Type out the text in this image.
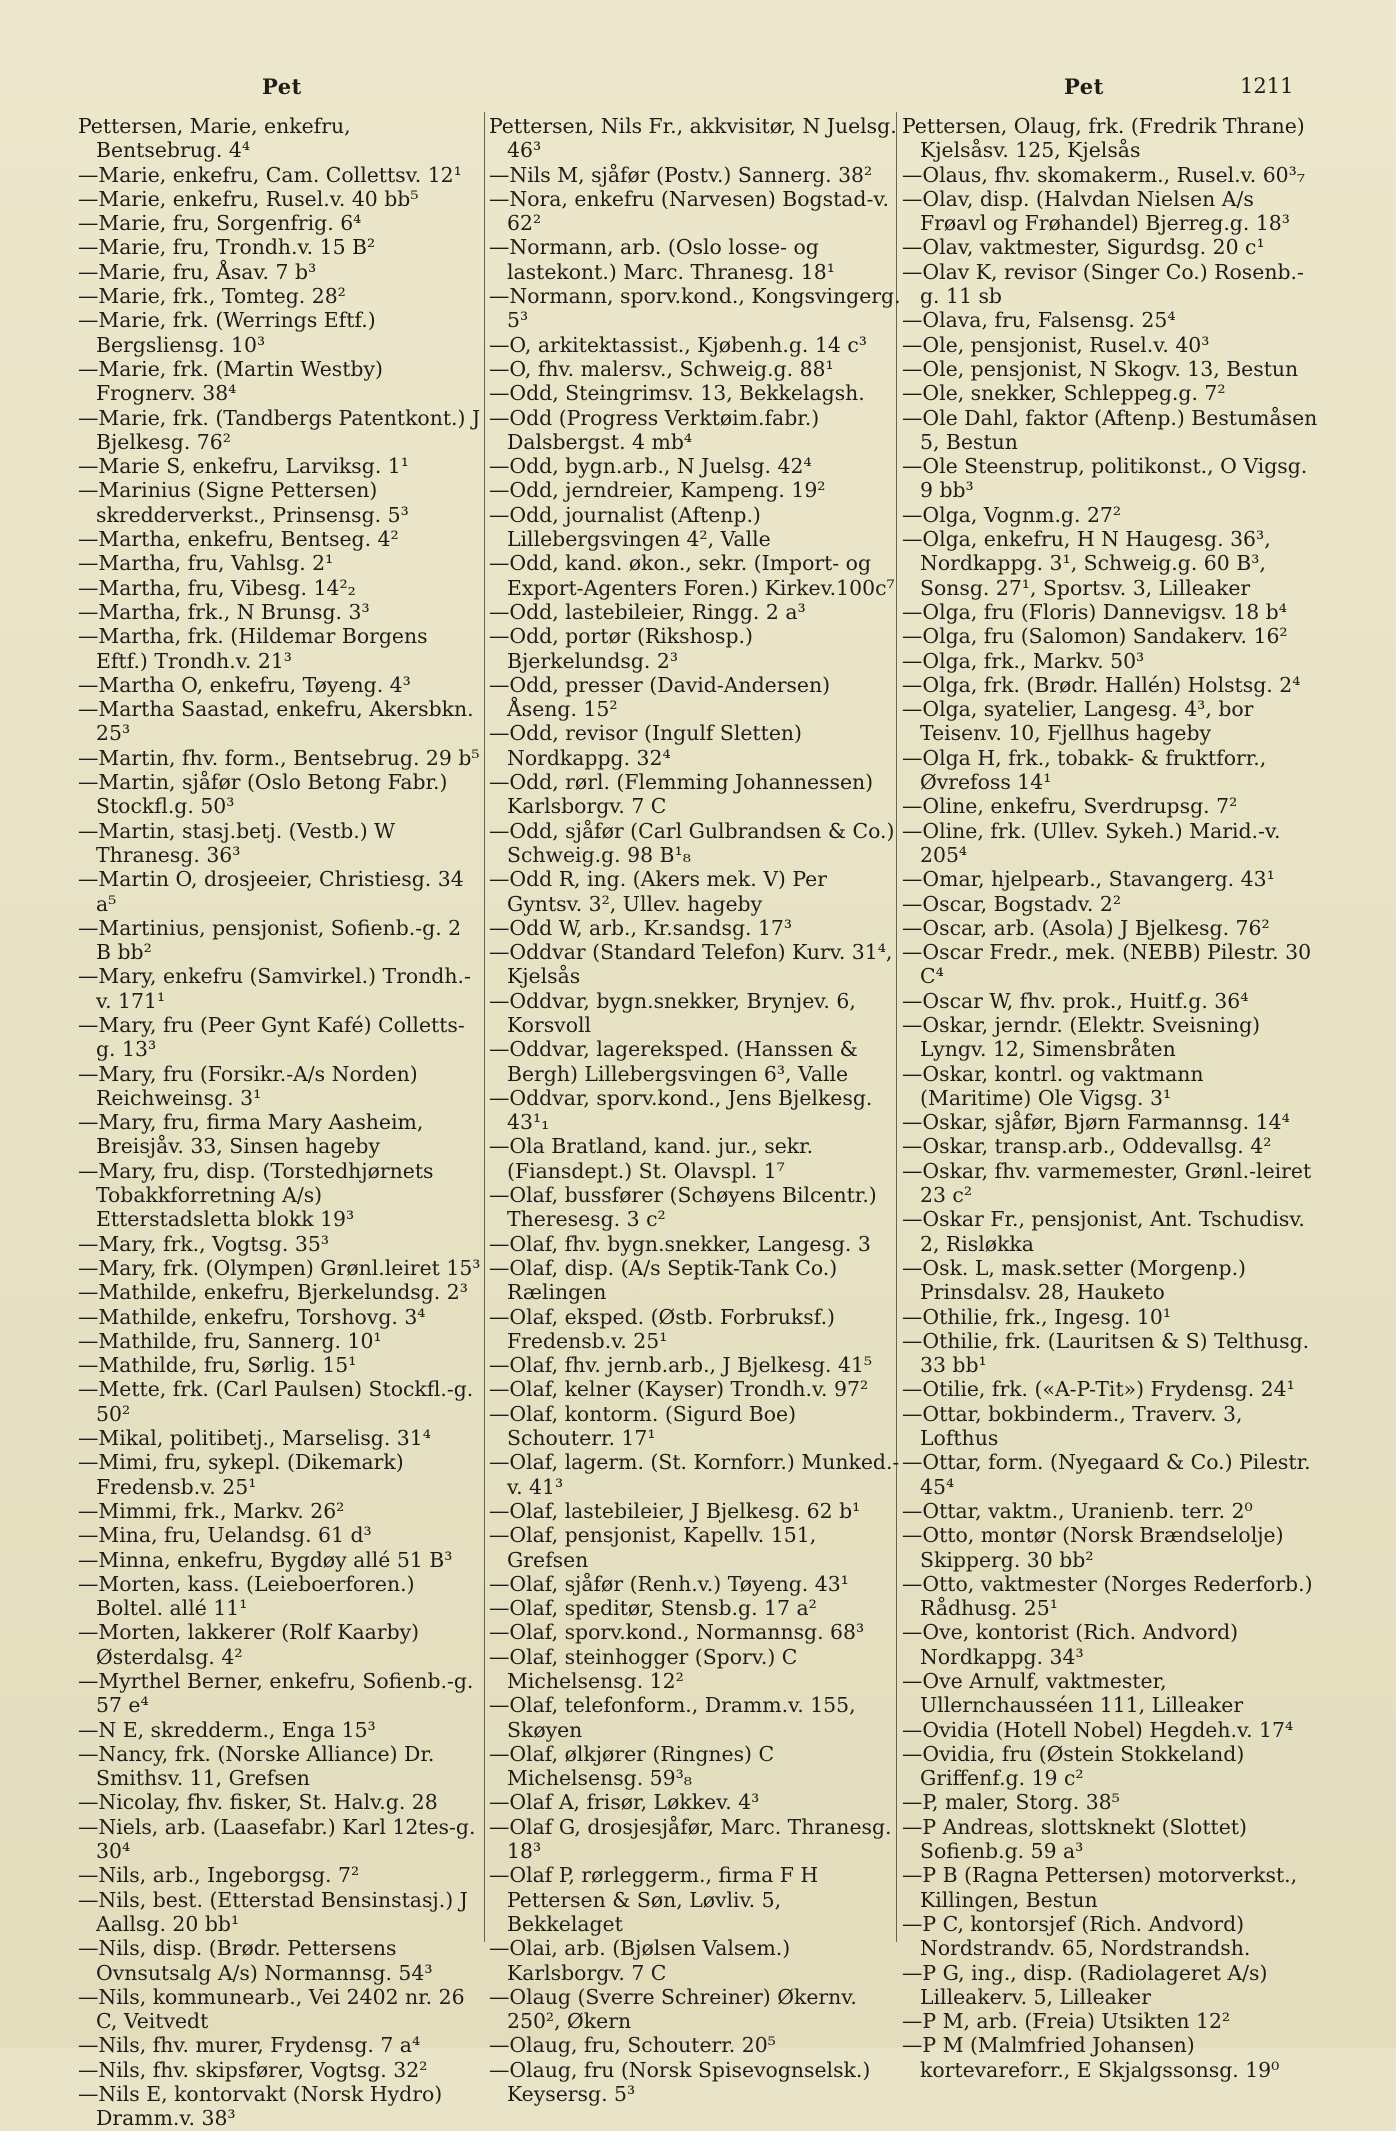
Pet	Pet	1211

Pettersen, Marie, enkefru, Bentsebrug. 4⁴

—Marie, enkefru, Cam. Collettsv. 12¹

—Marie, enkefru, Rusel.v. 40 bb⁵

—Marie, fru, Sorgenfrig. 6⁴

—Marie, fru, Trondh.v. 15 B²

—Marie, fru, Åsav. 7 b³

—Marie, frk., Tomteg. 28²

—Marie, frk. (Werrings Eftf.) Bergsliensg. 10³

—Marie, frk. (Martin Westby) Frognerv. 38⁴

—Marie, frk. (Tandbergs Patentkont.) J Bjelkesg. 76²

—Marie S, enkefru, Larviksg. 1¹

—Marinius (Signe Pettersen) skredderverkst., Prinsensg. 5³

—Martha, enkefru, Bentseg. 4²

—Martha, fru, Vahlsg. 2¹

—Martha, fru, Vibesg. 14²₂

—Martha, frk., N Brunsg. 3³

—Martha, frk. (Hildemar Borgens Eftf.) Trondh.v. 21³

—Martha O, enkefru, Tøyeng. 4³

—Martha Saastad, enkefru, Akersbkn. 25³

—Martin, fhv. form., Bentsebrug. 29 b⁵

—Martin, sjåfør (Oslo Betong Fabr.) Stockfl.g. 50³

—Martin, stasj.betj. (Vestb.) W Thranesg. 36³

—Martin O, drosjeeier, Christiesg. 34 a⁵

—Martinius, pensjonist, Sofienb.-g. 2 B bb²

—Mary, enkefru (Samvirkel.) Trondh.-v. 171¹

—Mary, fru (Peer Gynt Kafé) Colletts-g. 13³

—Mary, fru (Forsikr.-A/s Norden) Reichweinsg. 3¹

—Mary, fru, firma Mary Aasheim, Breisjåv. 33, Sinsen hageby

—Mary, fru, disp. (Torstedhjørnets Tobakkforretning A/s) Etterstadsletta blokk 19³

—Mary, frk., Vogtsg. 35³

—Mary, frk. (Olympen) Grønl.leiret 15³

—Mathilde, enkefru, Bjerkelundsg. 2³

—Mathilde, enkefru, Torshovg. 3⁴

—Mathilde, fru, Sannerg. 10¹

—Mathilde, fru, Sørlig. 15¹

—Mette, frk. (Carl Paulsen) Stockfl.-g. 50²

—Mikal, politibetj., Marselisg. 31⁴

—Mimi, fru, sykepl. (Dikemark) Fredensb.v. 25¹

—Mimmi, frk., Markv. 26²

—Mina, fru, Uelandsg. 61 d³

—Minna, enkefru, Bygdøy allé 51 B³

—Morten, kass. (Leieboerforen.) Boltel. allé 11¹

—Morten, lakkerer (Rolf Kaarby) Østerdalsg. 4²

—Myrthel Berner, enkefru, Sofienb.-g. 57 e⁴

—N E, skredderm., Enga 15³

—Nancy, frk. (Norske Alliance) Dr. Smithsv. 11, Grefsen

—Nicolay, fhv. fisker, St. Halv.g. 28

—Niels, arb. (Laasefabr.) Karl 12tes-g. 30⁴

—Nils, arb., Ingeborgsg. 7²

—Nils, best. (Etterstad Bensinstasj.) J Aallsg. 20 bb¹

—Nils, disp. (Brødr. Pettersens Ovnsutsalg A/s) Normannsg. 54³

—Nils, kommunearb., Vei 2402 nr. 26 C, Veitvedt

—Nils, fhv. murer, Frydensg. 7 a⁴

—Nils, fhv. skipsfører, Vogtsg. 32²

—Nils E, kontorvakt (Norsk Hydro) Dramm.v. 38³

Pettersen, Nils Fr., akkvisitør, N Juelsg. 46³

—Nils M, sjåfør (Postv.) Sannerg. 38²

—Nora, enkefru (Narvesen) Bogstad-v. 62²

—Normann, arb. (Oslo losse- og lastekont.) Marc. Thranesg. 18¹

—Normann, sporv.kond., Kongsvingerg. 5³

—O, arkitektassist., Kjøbenh.g. 14 c³

—O, fhv. malersv., Schweig.g. 88¹

—Odd, Steingrimsv. 13, Bekkelagsh.

—Odd (Progress Verktøim.fabr.) Dalsbergst. 4 mb⁴

—Odd, bygn.arb., N Juelsg. 42⁴

—Odd, jerndreier, Kampeng. 19²

—Odd, journalist (Aftenp.) Lillebergsvingen 4², Valle

—Odd, kand. økon., sekr. (Import- og Export-Agenters Foren.) Kirkev.100c⁷

—Odd, lastebileier, Ringg. 2 a³

—Odd, portør (Rikshosp.) Bjerkelundsg. 2³

—Odd, presser (David-Andersen) Åseng. 15²

—Odd, revisor (Ingulf Sletten) Nordkappg. 32⁴

—Odd, rørl. (Flemming Johannessen) Karlsborgv. 7 C

—Odd, sjåfør (Carl Gulbrandsen & Co.) Schweig.g. 98 B¹₈

—Odd R, ing. (Akers mek. V) Per Gyntsv. 3², Ullev. hageby

—Odd W, arb., Kr.sandsg. 17³

—Oddvar (Standard Telefon) Kurv. 31⁴, Kjelsås

—Oddvar, bygn.snekker, Brynjev. 6, Korsvoll

—Oddvar, lagereksped. (Hanssen & Bergh) Lillebergsvingen 6³, Valle

—Oddvar, sporv.kond., Jens Bjelkesg. 43¹₁

—Ola Bratland, kand. jur., sekr. (Fiansdept.) St. Olavspl. 1⁷

—Olaf, bussfører (Schøyens Bilcentr.) Theresesg. 3 c²

—Olaf, fhv. bygn.snekker, Langesg. 3

—Olaf, disp. (A/s Septik-Tank Co.) Rælingen

—Olaf, eksped. (Østb. Forbruksf.) Fredensb.v. 25¹

—Olaf, fhv. jernb.arb., J Bjelkesg. 41⁵

—Olaf, kelner (Kayser) Trondh.v. 97²

—Olaf, kontorm. (Sigurd Boe) Schouterr. 17¹

—Olaf, lagerm. (St. Kornforr.) Munked.-v. 41³

—Olaf, lastebileier, J Bjelkesg. 62 b¹

—Olaf, pensjonist, Kapellv. 151, Grefsen

—Olaf, sjåfør (Renh.v.) Tøyeng. 43¹

—Olaf, speditør, Stensb.g. 17 a²

—Olaf, sporv.kond., Normannsg. 68³

—Olaf, steinhogger (Sporv.) C Michelsensg. 12²

—Olaf, telefonform., Dramm.v. 155, Skøyen

—Olaf, ølkjører (Ringnes) C Michelsensg. 59³₈

—Olaf A, frisør, Løkkev. 4³

—Olaf G, drosjesjåfør, Marc. Thranesg. 18³

—Olaf P, rørleggerm., firma F H Pettersen & Søn, Løvliv. 5, Bekkelaget

—Olai, arb. (Bjølsen Valsem.) Karlsborgv. 7 C

—Olaug (Sverre Schreiner) Økernv. 250², Økern

—Olaug, fru, Schouterr. 20⁵

—Olaug, fru (Norsk Spisevognselsk.) Keysersg. 5³

Pettersen, Olaug, frk. (Fredrik Thrane) Kjelsåsv. 125, Kjelsås

—Olaus, fhv. skomakerm., Rusel.v. 60³₇

—Olav, disp. (Halvdan Nielsen A/s Frøavl og Frøhandel) Bjerreg.g. 18³

—Olav, vaktmester, Sigurdsg. 20 c¹

—Olav K, revisor (Singer Co.) Rosenb.-g. 11 sb

—Olava, fru, Falsensg. 25⁴

—Ole, pensjonist, Rusel.v. 40³

—Ole, pensjonist, N Skogv. 13, Bestun

—Ole, snekker, Schleppeg.g. 7²

—Ole Dahl, faktor (Aftenp.) Bestumåsen 5, Bestun

—Ole Steenstrup, politikonst., O Vigsg. 9 bb³

—Olga, Vognm.g. 27²

—Olga, enkefru, H N Haugesg. 36³, Nordkappg. 3¹, Schweig.g. 60 B³, Sonsg. 27¹, Sportsv. 3, Lilleaker

—Olga, fru (Floris) Dannevigsv. 18 b⁴

—Olga, fru (Salomon) Sandakerv. 16²

—Olga, frk., Markv. 50³

—Olga, frk. (Brødr. Hallén) Holstsg. 2⁴

—Olga, syatelier, Langesg. 4³, bor Teisenv. 10, Fjellhus hageby

—Olga H, frk., tobakk- & fruktforr., Øvrefoss 14¹

—Oline, enkefru, Sverdrupsg. 7²

—Oline, frk. (Ullev. Sykeh.) Marid.-v. 205⁴

—Omar, hjelpearb., Stavangerg. 43¹

—Oscar, Bogstadv. 2²

—Oscar, arb. (Asola) J Bjelkesg. 76²

—Oscar Fredr., mek. (NEBB) Pilestr. 30 C⁴

—Oscar W, fhv. prok., Huitf.g. 36⁴

—Oskar, jerndr. (Elektr. Sveisning) Lyngv. 12, Simensbråten

—Oskar, kontrl. og vaktmann (Maritime) Ole Vigsg. 3¹

—Oskar, sjåfør, Bjørn Farmannsg. 14⁴

—Oskar, transp.arb., Oddevallsg. 4²

—Oskar, fhv. varmemester, Grønl.-leiret 23 c²

—Oskar Fr., pensjonist, Ant. Tschudisv. 2, Risløkka

—Osk. L, mask.setter (Morgenp.) Prinsdalsv. 28, Hauketo

—Othilie, frk., Ingesg. 10¹

—Othilie, frk. (Lauritsen & S) Telthusg. 33 bb¹

—Otilie, frk. («A-P-Tit») Frydensg. 24¹

—Ottar, bokbinderm., Traverv. 3, Lofthus

—Ottar, form. (Nyegaard & Co.) Pilestr. 45⁴

—Ottar, vaktm., Uranienb. terr. 2⁰

—Otto, montør (Norsk Brændselolje) Skipperg. 30 bb²

—Otto, vaktmester (Norges Rederforb.) Rådhusg. 25¹

—Ove, kontorist (Rich. Andvord) Nordkappg. 34³

—Ove Arnulf, vaktmester, Ullernchausséen 111, Lilleaker

—Ovidia (Hotell Nobel) Hegdeh.v. 17⁴

—Ovidia, fru (Østein Stokkeland) Griffenf.g. 19 c²

—P, maler, Storg. 38⁵

—P Andreas, slottsknekt (Slottet) Sofienb.g. 59 a³

—P B (Ragna Pettersen) motorverkst., Killingen, Bestun

—P C, kontorsjef (Rich. Andvord) Nordstrandv. 65, Nordstrandsh.

—P G, ing., disp. (Radiolageret A/s) Lilleakerv. 5, Lilleaker

—P M, arb. (Freia) Utsikten 12²

—P M (Malmfried Johansen) kortevareforr., E Skjalgssonsg. 19⁰
